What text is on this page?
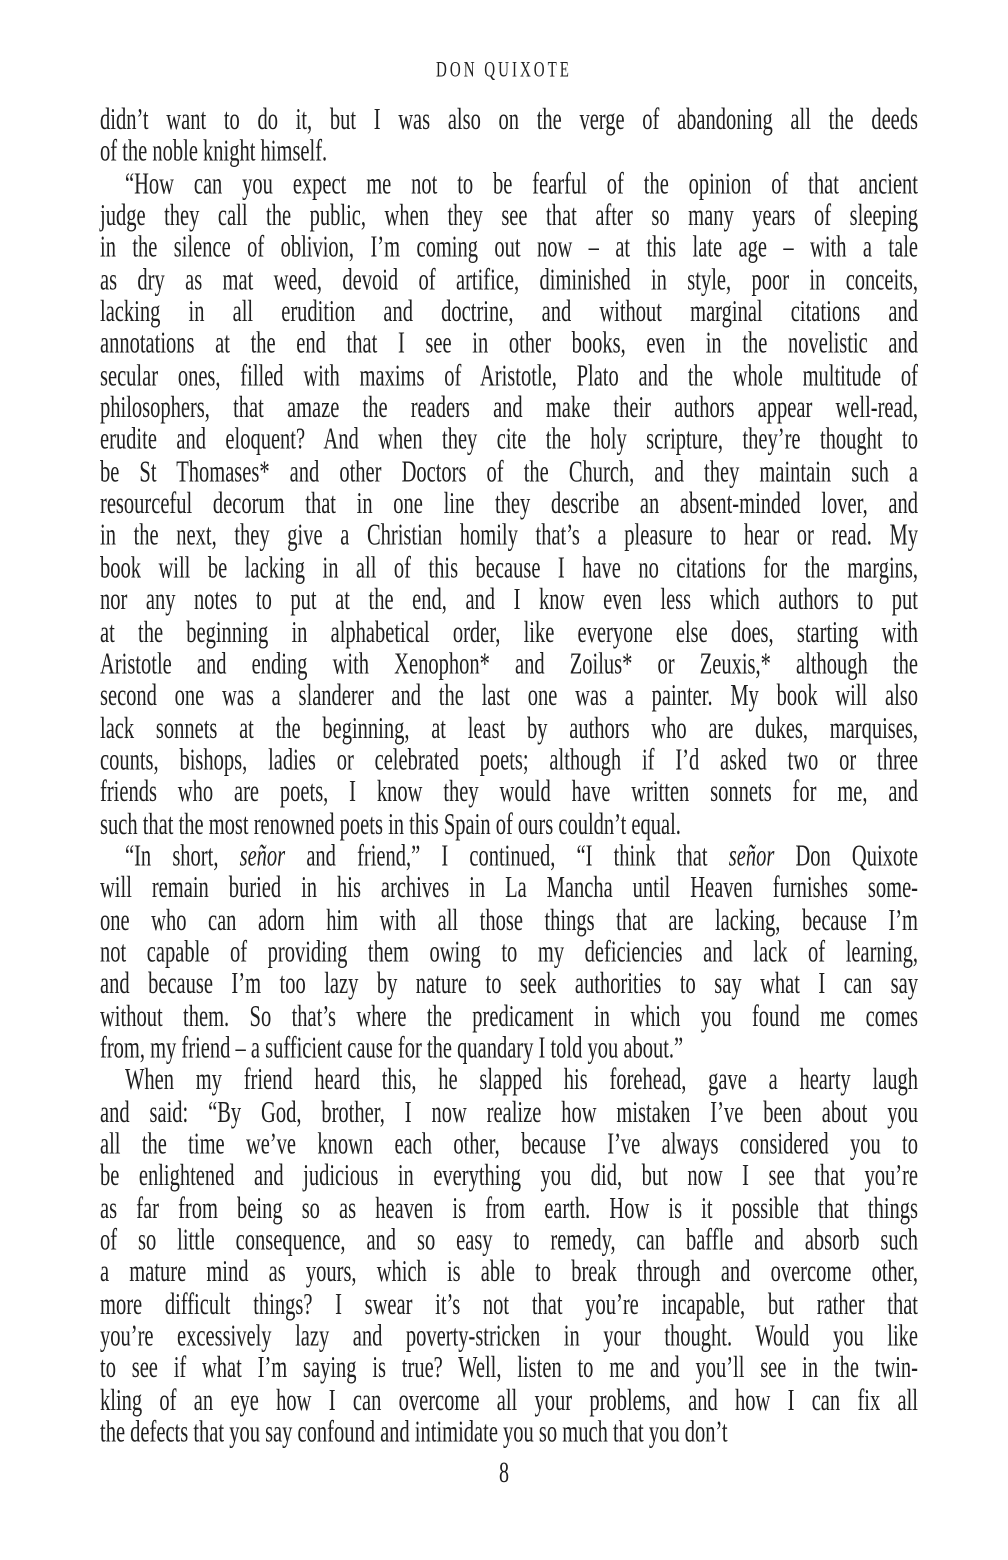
DON QUIXOTE
didn’t want to do it, but I was also on the verge of abandoning all the deeds
of the noble knight himself.
“How can you expect me not to be fearful of the opinion of that ancient
judge they call the public, when they see that after so many years of sleeping
in the silence of oblivion, I’m coming out now – at this late age – with a tale
as dry as mat weed, devoid of artifice, diminished in style, poor in conceits,
lacking in all erudition and doctrine, and without marginal citations and
annotations at the end that I see in other books, even in the novelistic and
secular ones, filled with maxims of Aristotle, Plato and the whole multitude of
philosophers, that amaze the readers and make their authors appear well-read,
erudite and eloquent? And when they cite the holy scripture, they’re thought to
be St Thomases* and other Doctors of the Church, and they maintain such a
resourceful decorum that in one line they describe an absent-minded lover, and
in the next, they give a Christian homily that’s a pleasure to hear or read. My
book will be lacking in all of this because I have no citations for the margins,
nor any notes to put at the end, and I know even less which authors to put
at the beginning in alphabetical order, like everyone else does, starting with
Aristotle and ending with Xenophon* and Zoilus* or Zeuxis,* although the
second one was a slanderer and the last one was a painter. My book will also
lack sonnets at the beginning, at least by authors who are dukes, marquises,
counts, bishops, ladies or celebrated poets; although if I’d asked two or three
friends who are poets, I know they would have written sonnets for me, and
such that the most renowned poets in this Spain of ours couldn’t equal.
“In short, señor and friend,” I continued, “I think that señor Don Quixote
will remain buried in his archives in La Mancha until Heaven furnishes some-
one who can adorn him with all those things that are lacking, because I’m
not capable of providing them owing to my deficiencies and lack of learning,
and because I’m too lazy by nature to seek authorities to say what I can say
without them. So that’s where the predicament in which you found me comes
from, my friend – a sufficient cause for the quandary I told you about.”
When my friend heard this, he slapped his forehead, gave a hearty laugh
and said: “By God, brother, I now realize how mistaken I’ve been about you
all the time we’ve known each other, because I’ve always considered you to
be enlightened and judicious in everything you did, but now I see that you’re
as far from being so as heaven is from earth. How is it possible that things
of so little consequence, and so easy to remedy, can baffle and absorb such
a mature mind as yours, which is able to break through and overcome other,
more difficult things? I swear it’s not that you’re incapable, but rather that
you’re excessively lazy and poverty-stricken in your thought. Would you like
to see if what I’m saying is true? Well, listen to me and you’ll see in the twin-
kling of an eye how I can overcome all your problems, and how I can fix all
the defects that you say confound and intimidate you so much that you don’t
8
